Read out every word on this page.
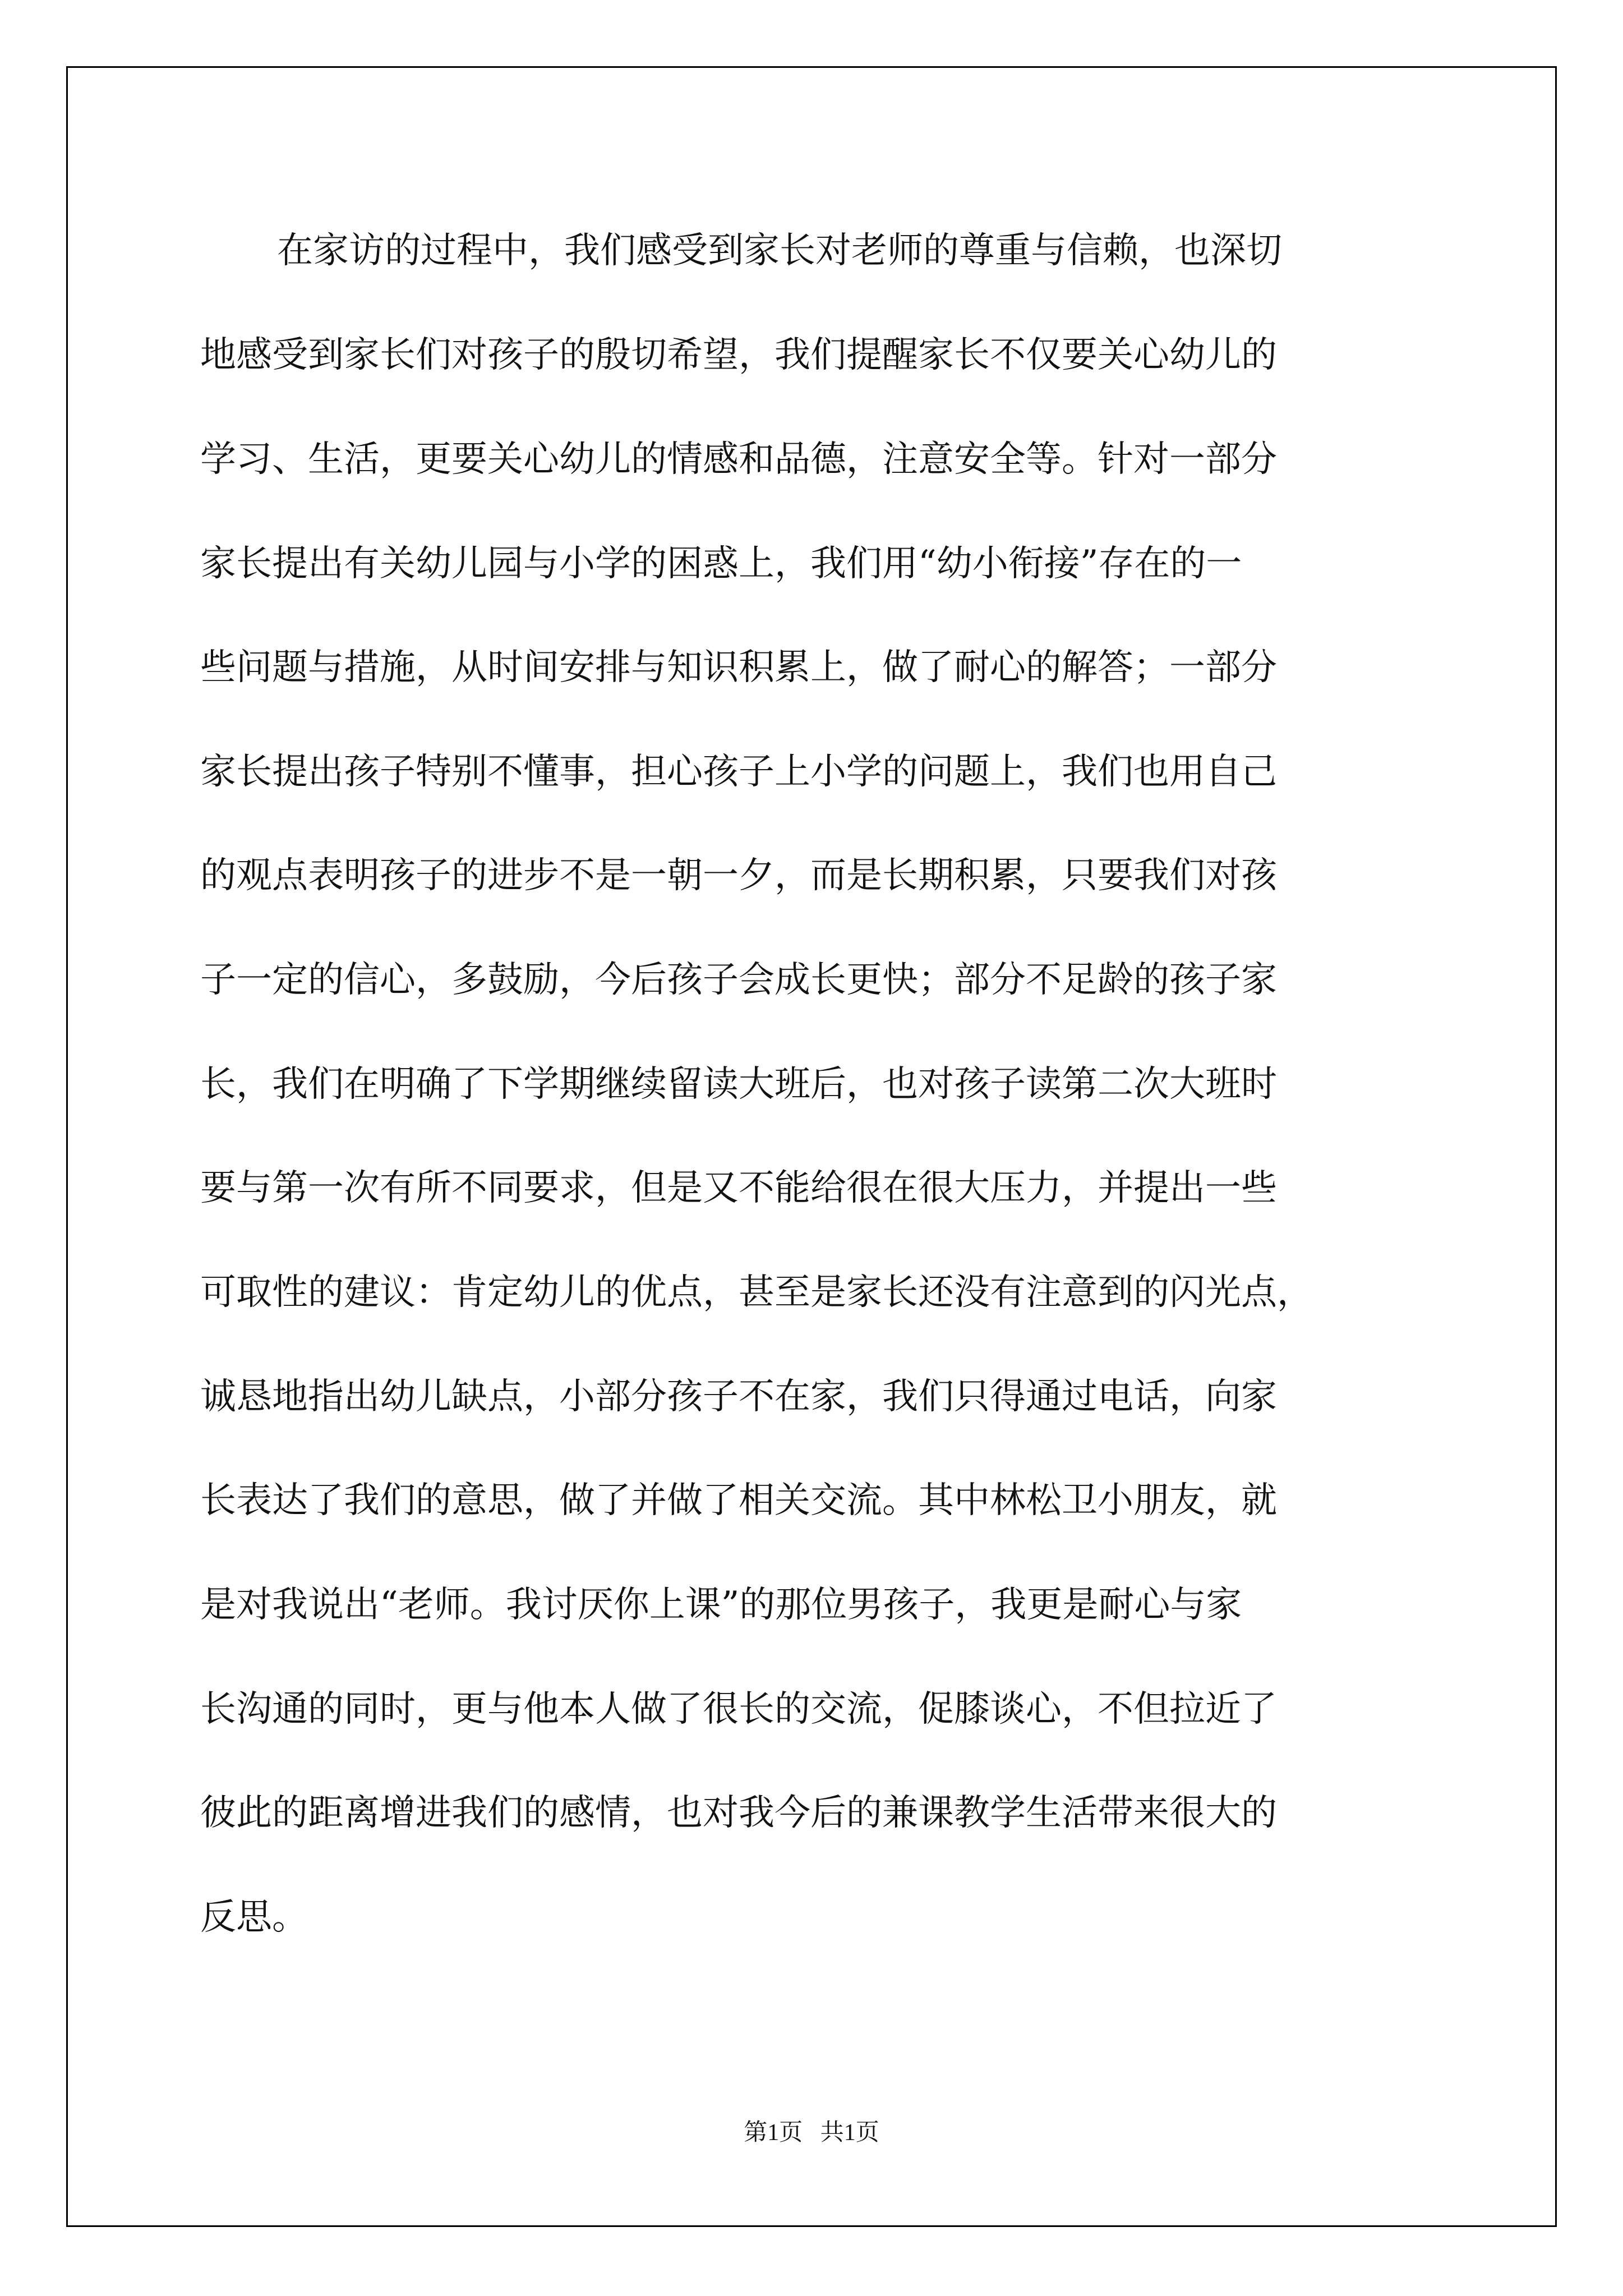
在家访的过程中，我们感受到家长对老师的尊重与信赖，也深切

地感受到家长们对孩子的殷切希望，我们提醒家长不仅要关心幼儿的

学习、生活，更要关心幼儿的情感和品德，注意安全等。针对一部分

家长提出有关幼儿园与小学的困惑上，我们用“幼小衔接”存在的一

些问题与措施，从时间安排与知识积累上，做了耐心的解答；一部分

家长提出孩子特别不懂事，担心孩子上小学的问题上，我们也用自己

的观点表明孩子的进步不是一朝一夕，而是长期积累，只要我们对孩

子一定的信心，多鼓励，今后孩子会成长更快；部分不足龄的孩子家

长，我们在明确了下学期继续留读大班后，也对孩子读第二次大班时

要与第一次有所不同要求，但是又不能给很在很大压力，并提出一些

可取性的建议：肯定幼儿的优点，甚至是家长还没有注意到的闪光点，

诚恳地指出幼儿缺点，小部分孩子不在家，我们只得通过电话，向家

长表达了我们的意思，做了并做了相关交流。其中林松卫小朋友，就

是对我说出“老师。我讨厌你上课”的那位男孩子，我更是耐心与家

长沟通的同时，更与他本人做了很长的交流，促膝谈心，不但拉近了

彼此的距离增进我们的感情，也对我今后的兼课教学生活带来很大的

反思。

第1页   共1页
